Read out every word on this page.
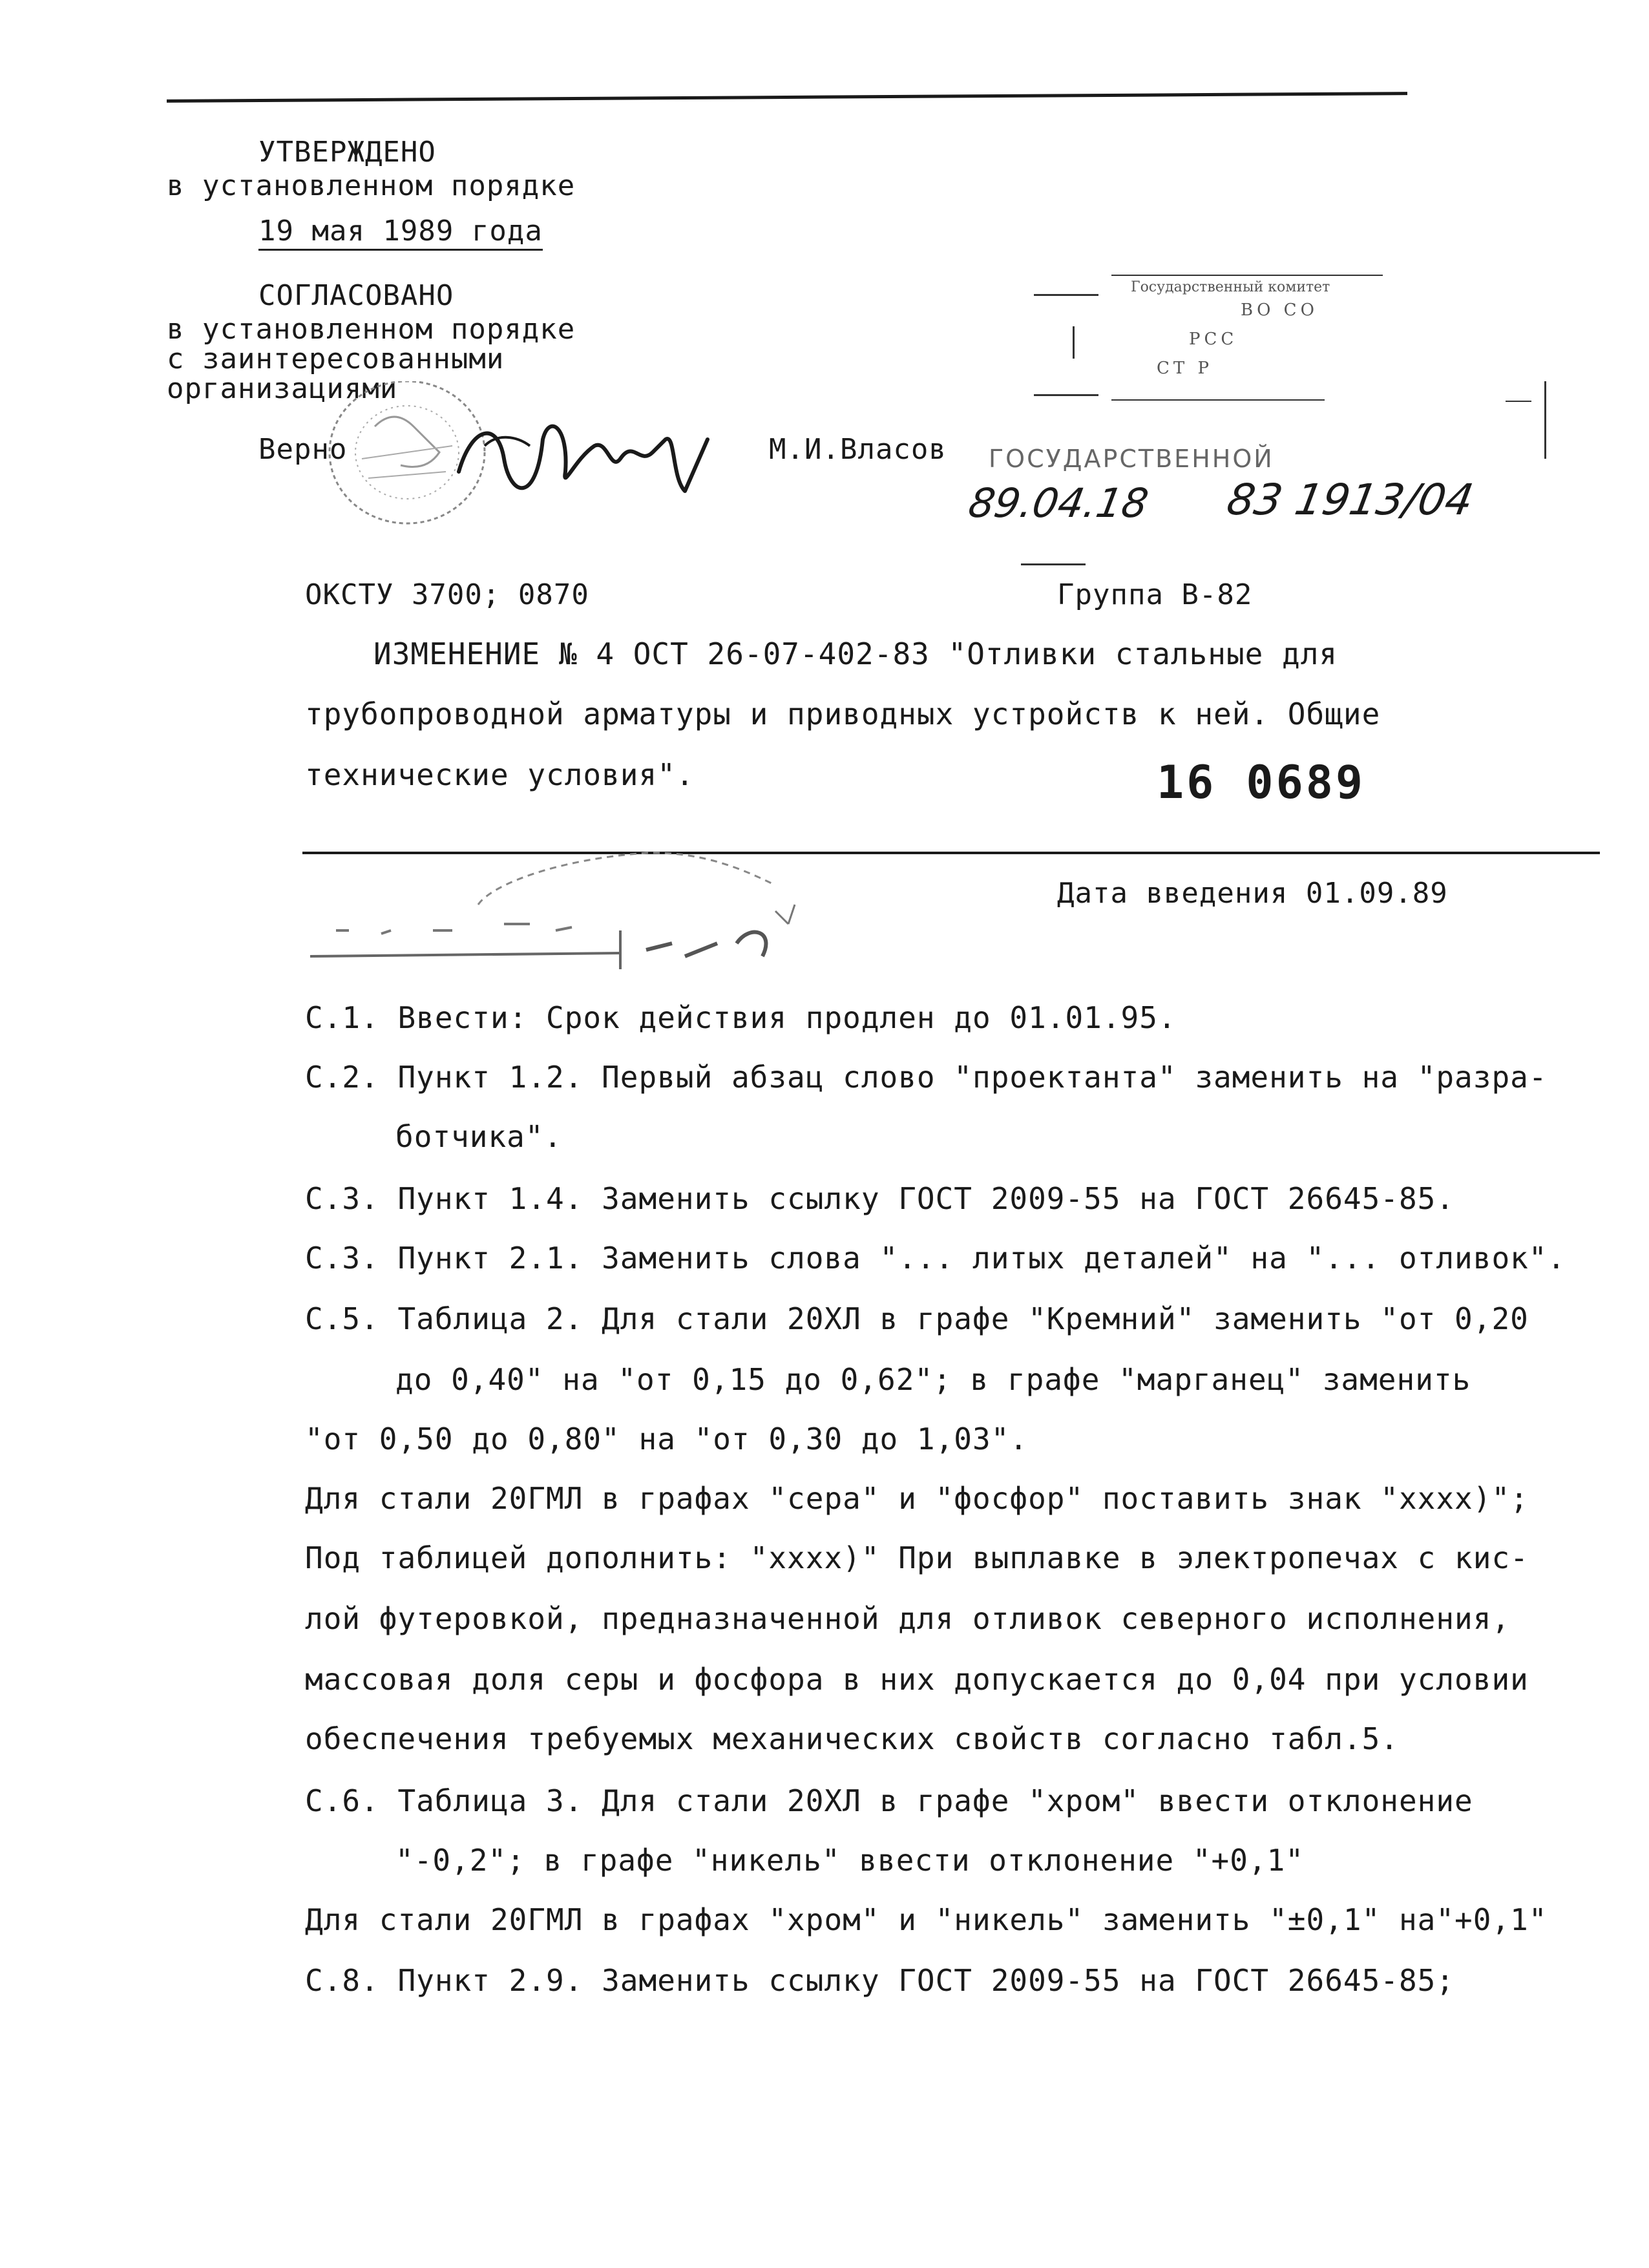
УТВЕРЖДЕНО
в установленном порядке
19 мая 1989 года
СОГЛАСОВАНО
в установленном порядке
с заинтересованными
организациями
Верно	М.И.Власов
Государственный комитет
ВО СО
РСС
СТ Р
ГОСУДАРСТВЕННОЙ
89.04.18 83 1913/04
ОКСТУ 3700; 0870	Группа В-82
ИЗМЕНЕНИЕ № 4 ОСТ 26-07-402-83 "Отливки стальные для
трубопроводной арматуры и приводных устройств к ней. Общие
технические условия".	16 0689
Дата введения 01.09.89
С.1. Ввести: Срок действия продлен до 01.01.95.
С.2. Пункт 1.2. Первый абзац слово "проектанта" заменить на "разра-
бoтчика".
С.3. Пункт 1.4. Заменить ссылку ГОСТ 2009-55 на ГОСТ 26645-85.
С.3. Пункт 2.1. Заменить слова "... литых деталей" на "... отливок".
С.5. Таблица 2. Для стали 20ХЛ в графе "Кремний" заменить "от 0,20
до 0,40" на "от 0,15 до 0,62"; в графе "марганец" заменить
"от 0,50 до 0,80" на "от 0,30 до 1,03".
Для стали 20ГМЛ в графах "сера" и "фосфор" поставить знак "хххх)";
Под таблицей дополнить: "хххх)" При выплавке в электропечах с кис-
лой футеровкой, предназначенной для отливок северного исполнения,
массовая доля серы и фосфора в них допускается до 0,04 при условии
обеспечения требуемых механических свойств согласно табл.5.
С.6. Таблица 3. Для стали 20ХЛ в графе "хром" ввести отклонение
"-0,2"; в графе "никель" ввести отклонение "+0,1"
Для стали 20ГМЛ в графах "хром" и "никель" заменить "±0,1" на"+0,1"
С.8. Пункт 2.9. Заменить ссылку ГОСТ 2009-55 на ГОСТ 26645-85;
